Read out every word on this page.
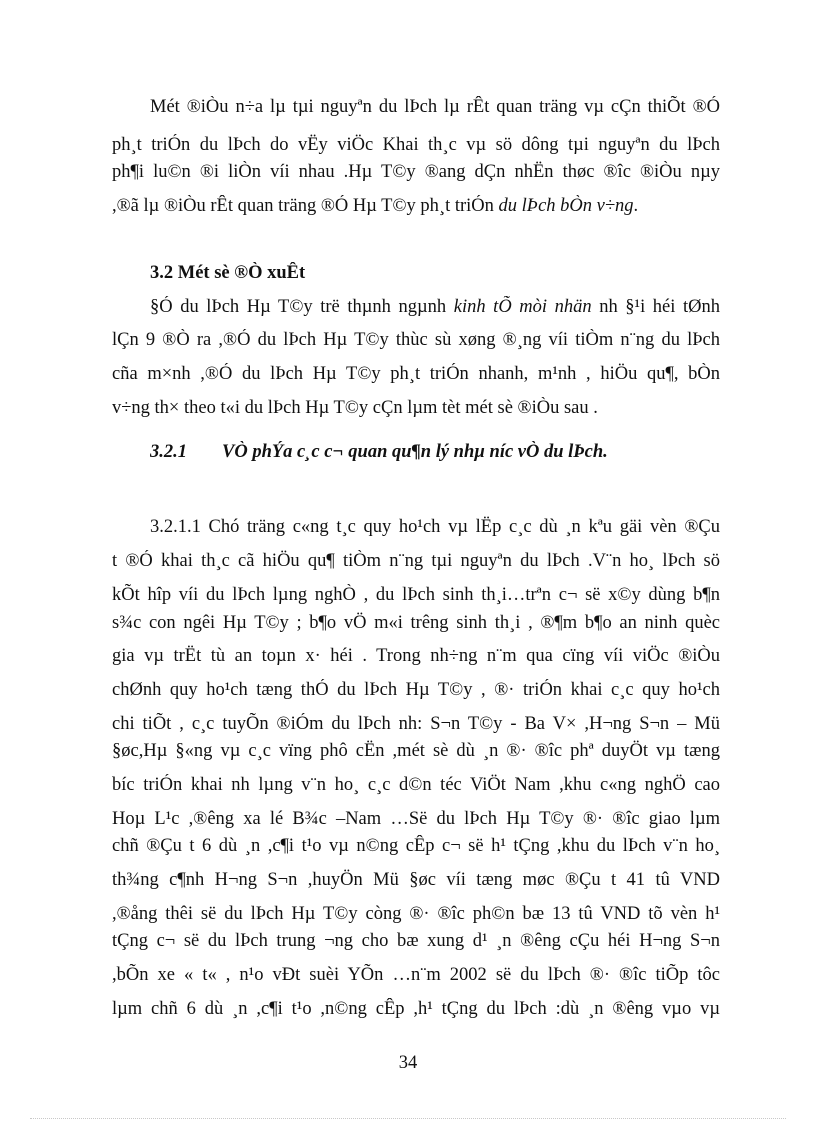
Mét ®iÒu n÷a lµ tµi nguyªn du lÞch lµ rÊt quan träng vµ cÇn thiÕt ®Ó
ph¸t triÓn du lÞch do vËy viÖc Khai th¸c vµ sö dông tµi nguyªn du lÞch
ph¶i lu©n ®i liÒn víi nhau .Hµ T©y ®ang dÇn nhËn thøc ®îc ®iÒu nµy
,®ã lµ ®iÒu rÊt quan träng ®Ó Hµ T©y ph¸t triÓn du lÞch bÒn v÷ng.
3.2 Mét sè ®Ò xuÊt
§Ó du lÞch Hµ T©y trë thµnh ngµnh kinh tÕ mòi nhän nh §¹i héi tØnh
lÇn 9 ®Ò ra ,®Ó du lÞch Hµ T©y thùc sù xøng ®¸ng víi tiÒm n¨ng du lÞch
cña m×nh ,®Ó du lÞch Hµ T©y ph¸t triÓn nhanh, m¹nh , hiÖu qu¶, bÒn
v÷ng th× theo t«i du lÞch Hµ T©y cÇn lµm tèt mét sè ®iÒu sau .
3.2.1	VÒ phÝa c¸c c¬ quan qu¶n lý nhµ níc vÒ du lÞch.
3.2.1.1 Chó träng c«ng t¸c quy ho¹ch vµ lËp c¸c dù ¸n kªu gäi vèn ®Çu
t ®Ó khai th¸c cã hiÖu qu¶ tiÒm n¨ng tµi nguyªn du lÞch .V¨n ho¸ lÞch sö
kÕt hîp víi du lÞch lµng nghÒ , du lÞch sinh th¸i…trªn c¬ së x©y dùng b¶n
s¾c con ngêi Hµ T©y ; b¶o vÖ m«i trêng sinh th¸i , ®¶m b¶o an ninh quèc
gia vµ trËt tù an toµn x· héi . Trong nh÷ng n¨m qua cïng víi viÖc ®iÒu
chØnh quy ho¹ch tæng thÓ du lÞch Hµ T©y , ®· triÓn khai c¸c quy ho¹ch
chi tiÕt , c¸c tuyÕn ®iÓm du lÞch nh: S¬n T©y - Ba V× ,H¬ng S¬n – Mü
§øc,Hµ §«ng vµ c¸c vïng phô cËn ,mét sè dù ¸n ®· ®îc phª duyÖt vµ tæng
bíc triÓn khai nh lµng v¨n ho¸ c¸c d©n téc ViÖt Nam ,khu c«ng nghÖ cao
Hoµ L¹c ,®êng xa lé B¾c –Nam …Së du lÞch Hµ T©y ®· ®îc giao lµm
chñ ®Çu t 6 dù ¸n ,c¶i t¹o vµ n©ng cÊp c¬ së h¹ tÇng ,khu du lÞch v¨n ho¸
th¾ng c¶nh H¬ng S¬n ,huyÖn Mü §øc víi tæng møc ®Çu t 41 tû VND
,®ång thêi së du lÞch Hµ T©y còng ®· ®îc ph©n bæ 13 tû VND tõ vèn h¹
tÇng c¬ së du lÞch trung ¬ng cho bæ xung d¹ ¸n ®êng cÇu héi H¬ng S¬n
,bÕn xe « t« , n¹o vÐt suèi YÕn …n¨m 2002 së du lÞch ®· ®îc tiÕp tôc
lµm chñ 6 dù ¸n ,c¶i t¹o ,n©ng cÊp ,h¹ tÇng du lÞch :dù ¸n ®êng vµo vµ
34
